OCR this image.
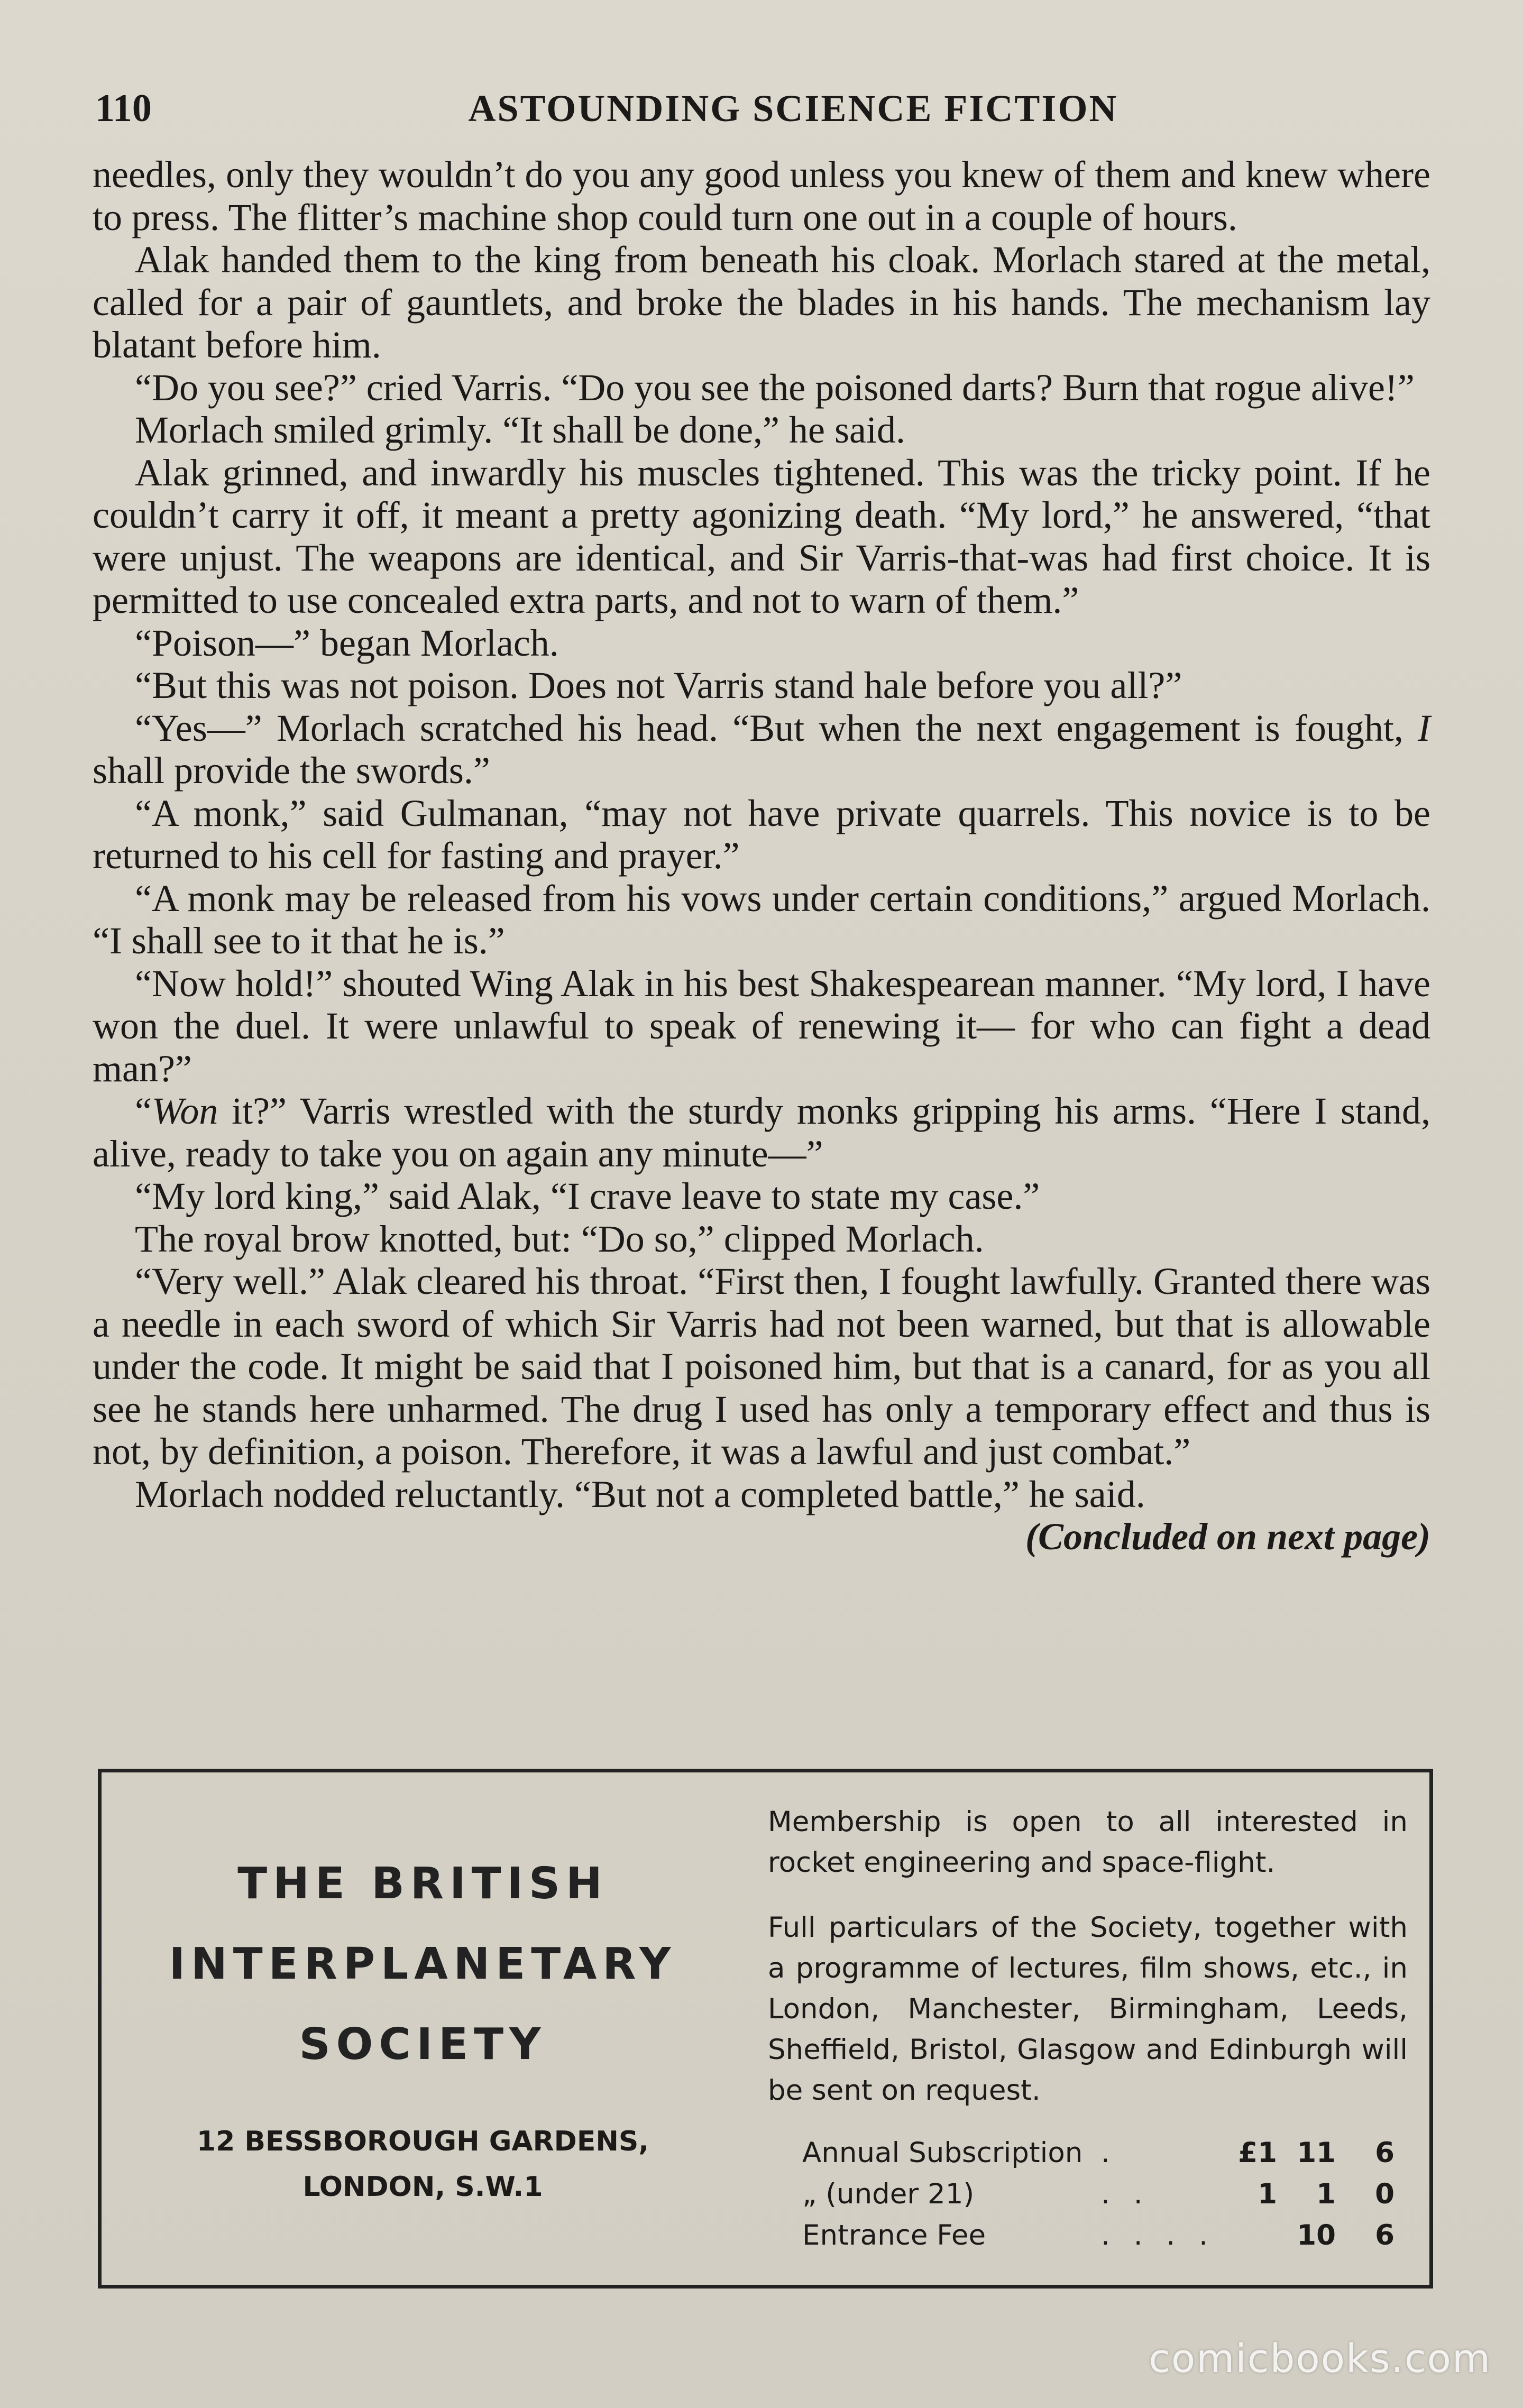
110	ASTOUNDING SCIENCE FICTION

needles, only they wouldn’t do you any good unless you knew of them and knew where to press. The flitter’s machine shop could turn one out in a couple of hours.

Alak handed them to the king from beneath his cloak. Morlach stared at the metal, called for a pair of gauntlets, and broke the blades in his hands. The mechanism lay blatant before him.

“Do you see?” cried Varris. “Do you see the poisoned darts? Burn that rogue alive!”

Morlach smiled grimly. “It shall be done,” he said.

Alak grinned, and inwardly his muscles tightened. This was the tricky point. If he couldn’t carry it off, it meant a pretty agonizing death. “My lord,” he answered, “that were unjust. The weapons are identical, and Sir Varris-that-was had first choice. It is permitted to use concealed extra parts, and not to warn of them.”

“Poison—” began Morlach.

“But this was not poison. Does not Varris stand hale before you all?”

“Yes—” Morlach scratched his head. “But when the next engagement is fought, I shall provide the swords.”

“A monk,” said Gulmanan, “may not have private quarrels. This novice is to be returned to his cell for fasting and prayer.”

“A monk may be released from his vows under certain conditions,” argued Morlach. “I shall see to it that he is.”

“Now hold!” shouted Wing Alak in his best Shakespearean manner. “My lord, I have won the duel. It were unlawful to speak of renewing it— for who can fight a dead man?”

“Won it?” Varris wrestled with the sturdy monks gripping his arms. “Here I stand, alive, ready to take you on again any minute—”

“My lord king,” said Alak, “I crave leave to state my case.”

The royal brow knotted, but: “Do so,” clipped Morlach.

“Very well.” Alak cleared his throat. “First then, I fought lawfully. Granted there was a needle in each sword of which Sir Varris had not been warned, but that is allowable under the code. It might be said that I poisoned him, but that is a canard, for as you all see he stands here unharmed. The drug I used has only a temporary effect and thus is not, by definition, a poison. Therefore, it was a lawful and just combat.”

Morlach nodded reluctantly. “But not a completed battle,” he said.

(Concluded on next page)

THE BRITISH
INTERPLANETARY
SOCIETY
12 BESSBOROUGH GARDENS,
LONDON, S.W.1
Membership is open to all interested in rocket engineering and space-flight.
Full particulars of the Society, together with a programme of lectures, film shows, etc., in London, Manchester, Birmingham, Leeds, Sheffield, Bristol, Glasgow and Edinburgh will be sent on request.
Annual Subscription	.	£1	11	6
„ (under 21)	. .	1	1	0
Entrance Fee	. . . .		10	6
comicbooks.com
